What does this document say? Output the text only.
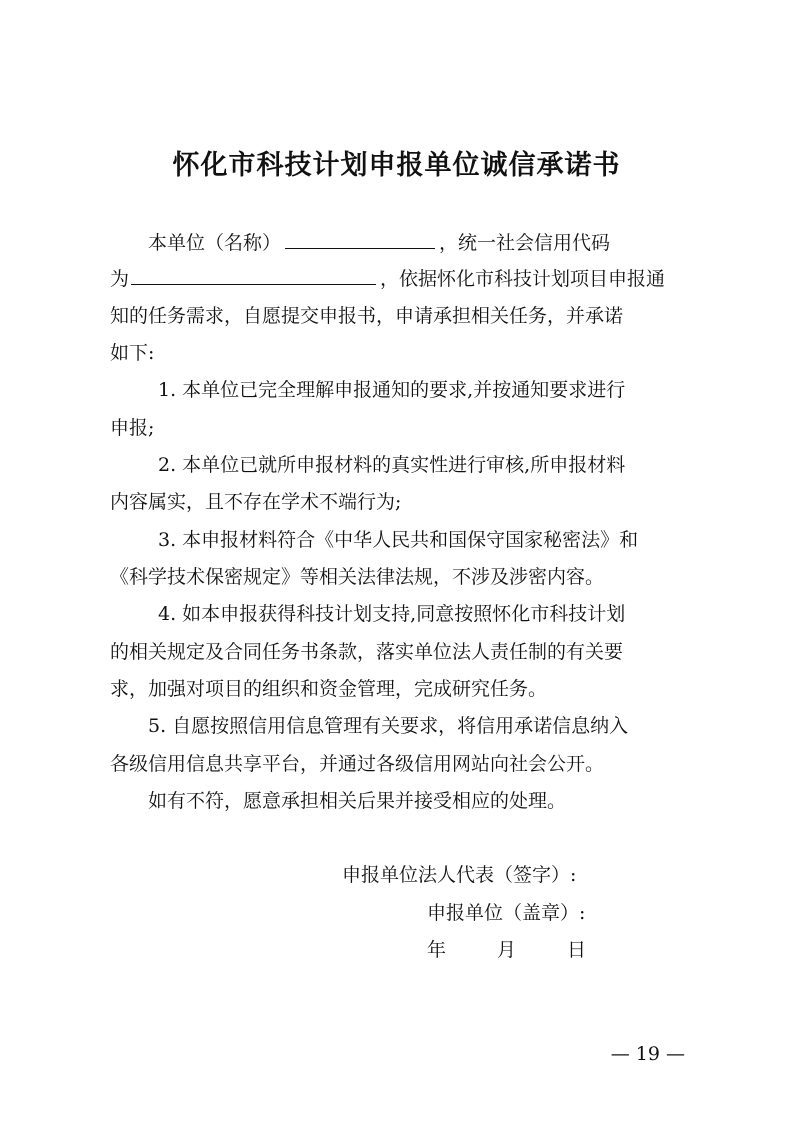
怀化市科技计划申报单位诚信承诺书
本单位（名称）	，统一社会信用代码
为	，依据怀化市科技计划项目申报通
知的任务需求，自愿提交申报书，申请承担相关任务，并承诺
如下:
1. 本单位已完全理解申报通知的要求,并按通知要求进行
申报;
2. 本单位已就所申报材料的真实性进行审核,所申报材料
内容属实，且不存在学术不端行为;
3. 本申报材料符合《中华人民共和国保守国家秘密法》和
《科学技术保密规定》等相关法律法规，不涉及涉密内容。
4. 如本申报获得科技计划支持,同意按照怀化市科技计划
的相关规定及合同任务书条款，落实单位法人责任制的有关要
求，加强对项目的组织和资金管理，完成研究任务。
5. 自愿按照信用信息管理有关要求，将信用承诺信息纳入
各级信用信息共享平台，并通过各级信用网站向社会公开。
如有不符，愿意承担相关后果并接受相应的处理。
申报单位法人代表（签字）:
申报单位（盖章）:
年	月	日
— 19 —
